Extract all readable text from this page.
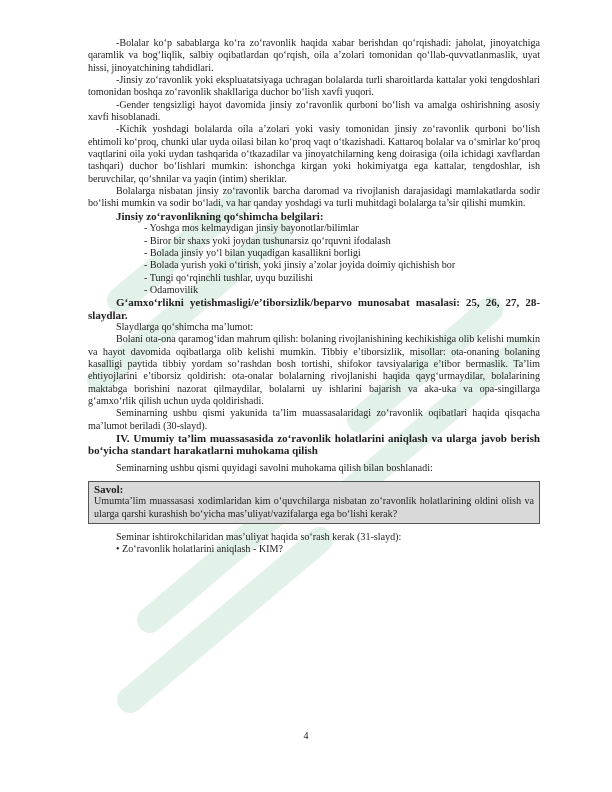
-Bolalar ko‘p sabablarga ko‘ra zo‘ravonlik haqida xabar berishdan qo‘rqishadi: jaholat, jinoyatchiga qaramlik va bog‘liqlik, salbiy oqibatlardan qo‘rqish, oila a’zolari tomonidan qo‘llab-quvvatlanmaslik, uyat hissi, jinoyatchining tahdidlari.

-Jinsiy zo‘ravonlik yoki ekspluatatsiyaga uchragan bolalarda turli sharoitlarda kattalar yoki tengdoshlari tomonidan boshqa zo‘ravonlik shakllariga duchor bo‘lish xavfi yuqori.

-Gender tengsizligi hayot davomida jinsiy zo‘ravonlik qurboni bo‘lish va amalga oshirishning asosiy xavfi hisoblanadi.

-Kichik yoshdagi bolalarda oila a’zolari yoki vasiy tomonidan jinsiy zo‘ravonlik qurboni bo‘lish ehtimoli ko‘proq, chunki ular uyda oilasi bilan ko‘proq vaqt o‘tkazishadi. Kattaroq bolalar va o‘smirlar ko‘proq vaqtlarini oila yoki uydan tashqarida o‘tkazadilar va jinoyatchilarning keng doirasiga (oila ichidagi xavflardan tashqari) duchor bo‘lishlari mumkin: ishonchga kirgan yoki hokimiyatga ega kattalar, tengdoshlar, ish beruvchilar, qo‘shnilar va yaqin (intim) sheriklar.

Bolalarga nisbatan jinsiy zo‘ravonlik barcha daromad va rivojlanish darajasidagi mamlakatlarda sodir bo‘lishi mumkin va sodir bo‘ladi, va har qanday yoshdagi va turli muhitdagi bolalarga ta’sir qilishi mumkin.

Jinsiy zo‘ravonlikning qo‘shimcha belgilari:

- Yoshga mos kelmaydigan jinsiy bayonotlar/bilimlar

- Biror bir shaxs yoki joydan tushunarsiz qo‘rquvni ifodalash

- Bolada jinsiy yo‘l bilan yuqadigan kasallikni borligi

- Bolada yurish yoki o‘tirish, yoki jinsiy a’zolar joyida doimiy qichishish bor

- Tungi qo‘rqinchli tushlar, uyqu buzilishi

- Odamovilik

G‘amxo‘rlikni yetishmasligi/e’tiborsizlik/beparvo munosabat masalasi: 25, 26, 27, 28-slaydlar.

Slaydlarga qo‘shimcha ma’lumot:

Bolani ota-ona qaramog‘idan mahrum qilish: bolaning rivojlanishining kechikishiga olib kelishi mumkin va hayot davomida oqibatlarga olib kelishi mumkin. Tibbiy e’tiborsizlik, misollar: ota-onaning bolaning kasalligi paytida tibbiy yordam so‘rashdan bosh tortishi, shifokor tavsiyalariga e’tibor bermaslik. Ta’lim ehtiyojlarini e’tiborsiz qoldirish: ota-onalar bolalarning rivojlanishi haqida qayg‘urmaydilar, bolalarining maktabga borishini nazorat qilmaydilar, bolalarni uy ishlarini bajarish va aka-uka va opa-singillarga g‘amxo‘rlik qilish uchun uyda qoldirishadi.

Seminarning ushbu qismi yakunida ta’lim muassasalaridagi zo‘ravonlik oqibatlari haqida qisqacha ma’lumot beriladi (30-slayd).

IV. Umumiy ta’lim muassasasida zo‘ravonlik holatlarini aniqlash va ularga javob berish bo‘yicha standart harakatlarni muhokama qilish

Seminarning ushbu qismi quyidagi savolni muhokama qilish bilan boshlanadi:

Savol:

Umumta’lim muassasasi xodimlaridan kim o‘quvchilarga nisbatan zo‘ravonlik holatlarining oldini olish va ularga qarshi kurashish bo‘yicha mas’uliyat/vazifalarga ega bo‘lishi kerak?

Seminar ishtirokchilaridan mas’uliyat haqida so‘rash kerak (31-slayd):

• Zo‘ravonlik holatlarini aniqlash - KIM?

4
